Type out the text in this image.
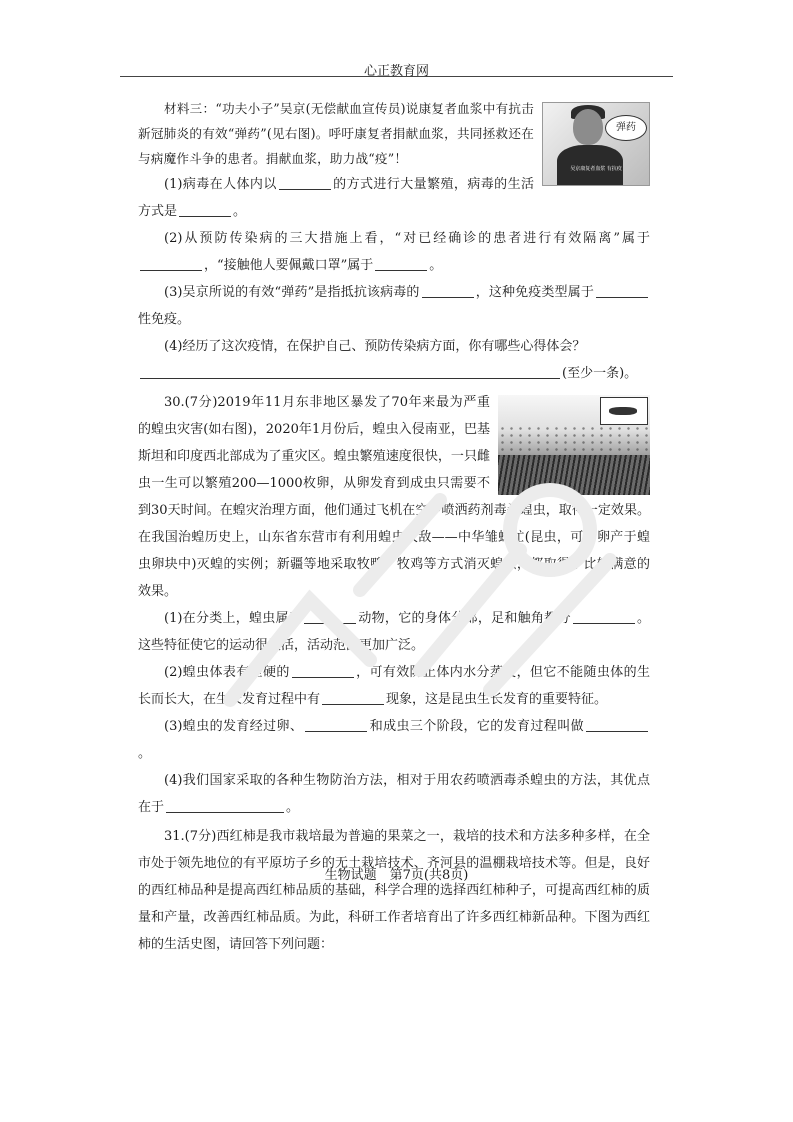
心正教育网
弹药
吴京康复者血浆 有抗疫

材料三：“功夫小子”吴京(无偿献血宣传员)说康复者血浆中有抗击新冠肺炎的有效“弹药”(见右图)。呼吁康复者捐献血浆，共同拯救还在与病魔作斗争的患者。捐献血浆，助力战“疫”！

(1)病毒在人体内以	的方式进行大量繁殖，病毒的生活方式是	。

(2)从预防传染病的三大措施上看，“对已经确诊的患者进行有效隔离”属于，“接触他人要佩戴口罩”属于	。

(3)吴京所说的有效“弹药”是指抵抗该病毒的	，这种免疫类型属于性免疫。

(4)经历了这次疫情，在保护自己、预防传染病方面，你有哪些心得体会？

(至少一条)。

30.(7分)2019年11月东非地区暴发了70年来最为严重的蝗虫灾害(如右图)，2020年1月份后，蝗虫入侵南亚，巴基斯坦和印度西北部成为了重灾区。蝗虫繁殖速度很快，一只雌虫一生可以繁殖200—1000枚卵，从卵发育到成虫只需要不到30天时间。在蝗灾治理方面，他们通过飞机在空中喷洒药剂毒杀蝗虫，取得一定效果。在我国治蝗历史上，山东省东营市有利用蝗虫天敌——中华雏蜂虻(昆虫，可将卵产于蝗虫卵块中)灭蝗的实例；新疆等地采取牧鸭、牧鸡等方式消灭蝗虫，都取得了比较满意的效果。

(1)在分类上，蝗虫属于	动物，它的身体分部，足和触角都分	。这些特征使它的运动很灵活，活动范围更加广泛。

(2)蝗虫体表有坚硬的	，可有效防止体内水分蒸发，但它不能随虫体的生长而长大，在生长发育过程中有	现象，这是昆虫生长发育的重要特征。

(3)蝗虫的发育经过卵、	和成虫三个阶段，它的发育过程叫做。

(4)我们国家采取的各种生物防治方法，相对于用农药喷洒毒杀蝗虫的方法，其优点在于	。

31.(7分)西红柿是我市栽培最为普遍的果菜之一，栽培的技术和方法多种多样，在全市处于领先地位的有平原坊子乡的无土栽培技术、齐河县的温棚栽培技术等。但是，良好的西红柿品种是提高西红柿品质的基础，科学合理的选择西红柿种子，可提高西红柿的质量和产量，改善西红柿品质。为此，科研工作者培育出了许多西红柿新品种。下图为西红柿的生活史图，请回答下列问题：

生物试题　第7页(共8页)
